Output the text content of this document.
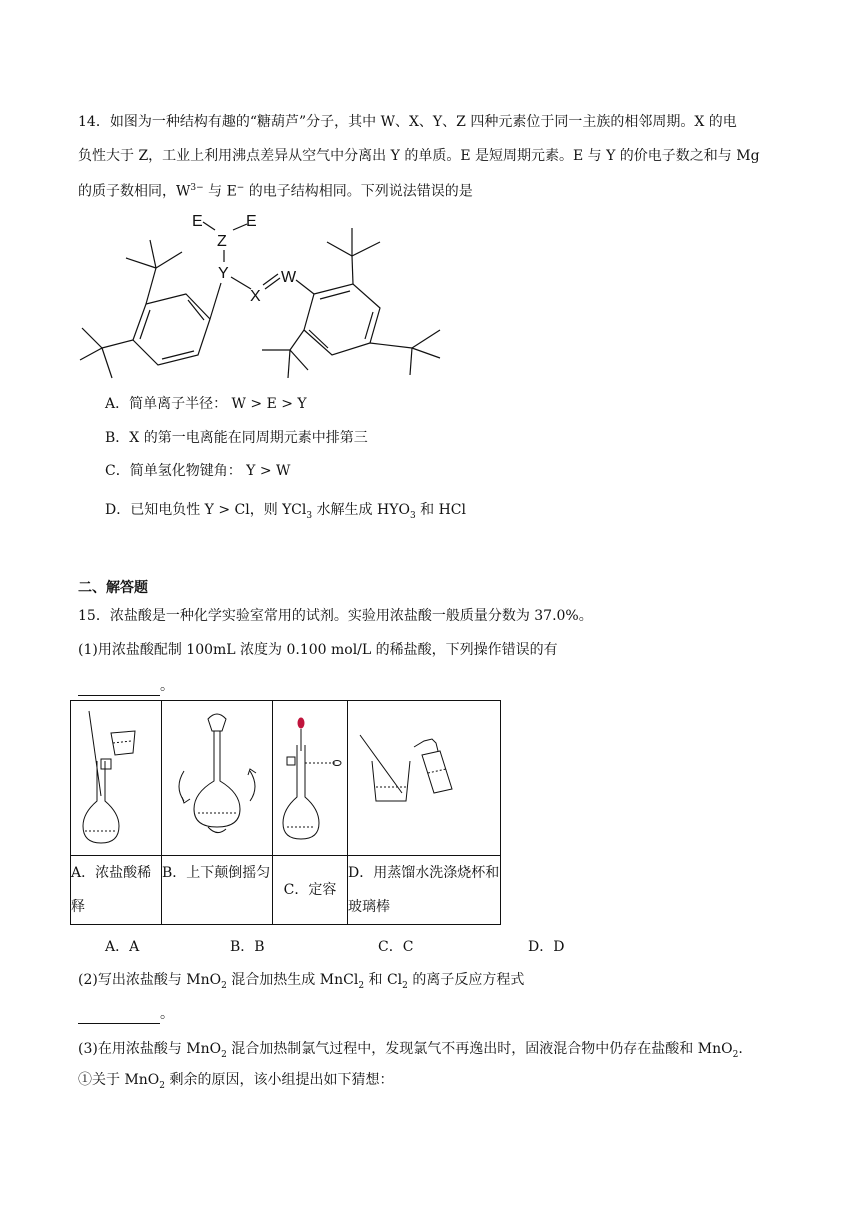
14．如图为一种结构有趣的“糖葫芦”分子，其中 W、X、Y、Z 四种元素位于同一主族的相邻周期。X 的电
负性大于 Z，工业上利用沸点差异从空气中分离出 Y 的单质。E 是短周期元素。E 与 Y 的价电子数之和与 Mg
的质子数相同，$W^{3-}$ 与 E− 的电子结构相同。下列说法错误的是
E	E
Z
Y
X
W
A．简单离子半径： W > E > Y
B．X 的第一电离能在同周期元素中排第三
C．简单氢化物键角： Y > W
D．已知电负性 Y > Cl，则 YCl$_3$ 水解生成 $HYO_3$ 和 HCl
二、解答题
15．浓盐酸是一种化学实验室常用的试剂。实验用浓盐酸一般质量分数为 37.0%。
(1)用浓盐酸配制 100mL 浓度为 0.100 mol/L 的稀盐酸，下列操作错误的有
。

A．浓盐酸稀释	B．上下颠倒摇匀	C．定容	D．用蒸馏水洗涤烧杯和玻璃棒
A．A	B．B	C．C	D．D
(2)写出浓盐酸与 MnO$_2$ 混合加热生成 MnCl$_2$ 和 $Cl_2$ 的离子反应方程式
。
(3)在用浓盐酸与 MnO$_2$ 混合加热制氯气过程中，发现氯气不再逸出时，固液混合物中仍存在盐酸和 MnO$_2$.
①关于 MnO$_2$ 剩余的原因，该小组提出如下猜想：
